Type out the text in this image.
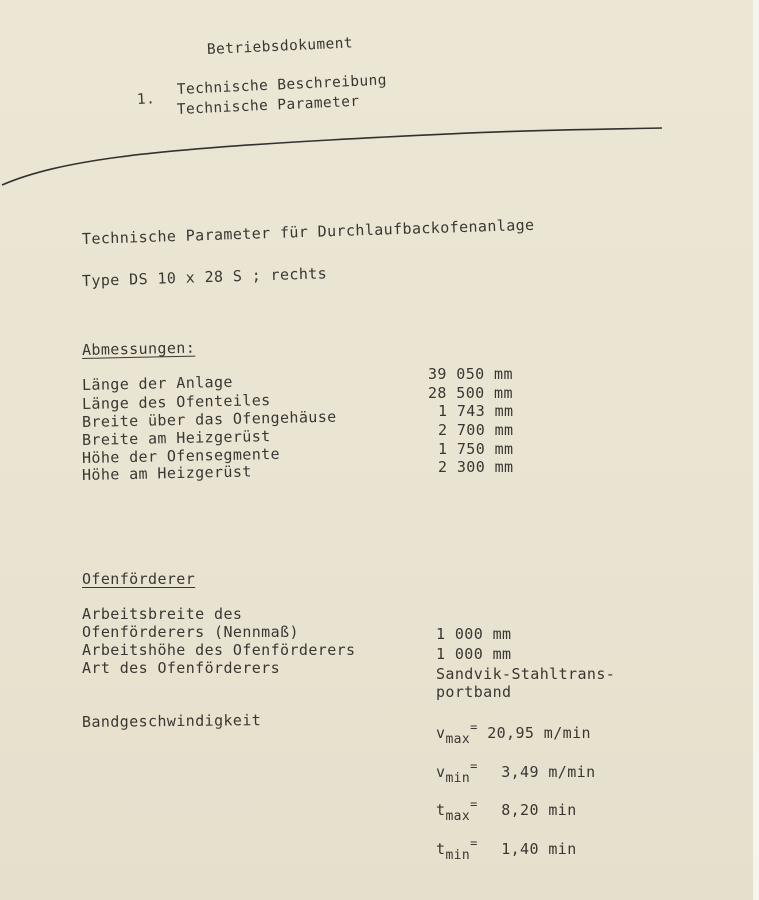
Betriebsdokument
1.
Technische Beschreibung
Technische Parameter
Technische Parameter für Durchlaufbackofenanlage
Type DS 10 x 28 S ; rechts
Abmessungen:
Länge der Anlage
Länge des Ofenteiles
Breite über das Ofengehäuse
Breite am Heizgerüst
Höhe der Ofensegmente
Höhe am Heizgerüst
39 050 mm
28 500 mm
1 743 mm
2 700 mm
1 750 mm
2 300 mm
Ofenförderer
Arbeitsbreite des
Ofenförderers (Nennmaß)
Arbeitshöhe des Ofenförderers
Art des Ofenförderers
1 000 mm
1 000 mm
Sandvik-Stahltrans-
portband
Bandgeschwindigkeit
$v_{max}^=$ 20,95 m/min
$v_{min}^=$ 3,49 m/min
$t_{max}^=$ 8,20 min
$t_{min}^=$ 1,40 min
